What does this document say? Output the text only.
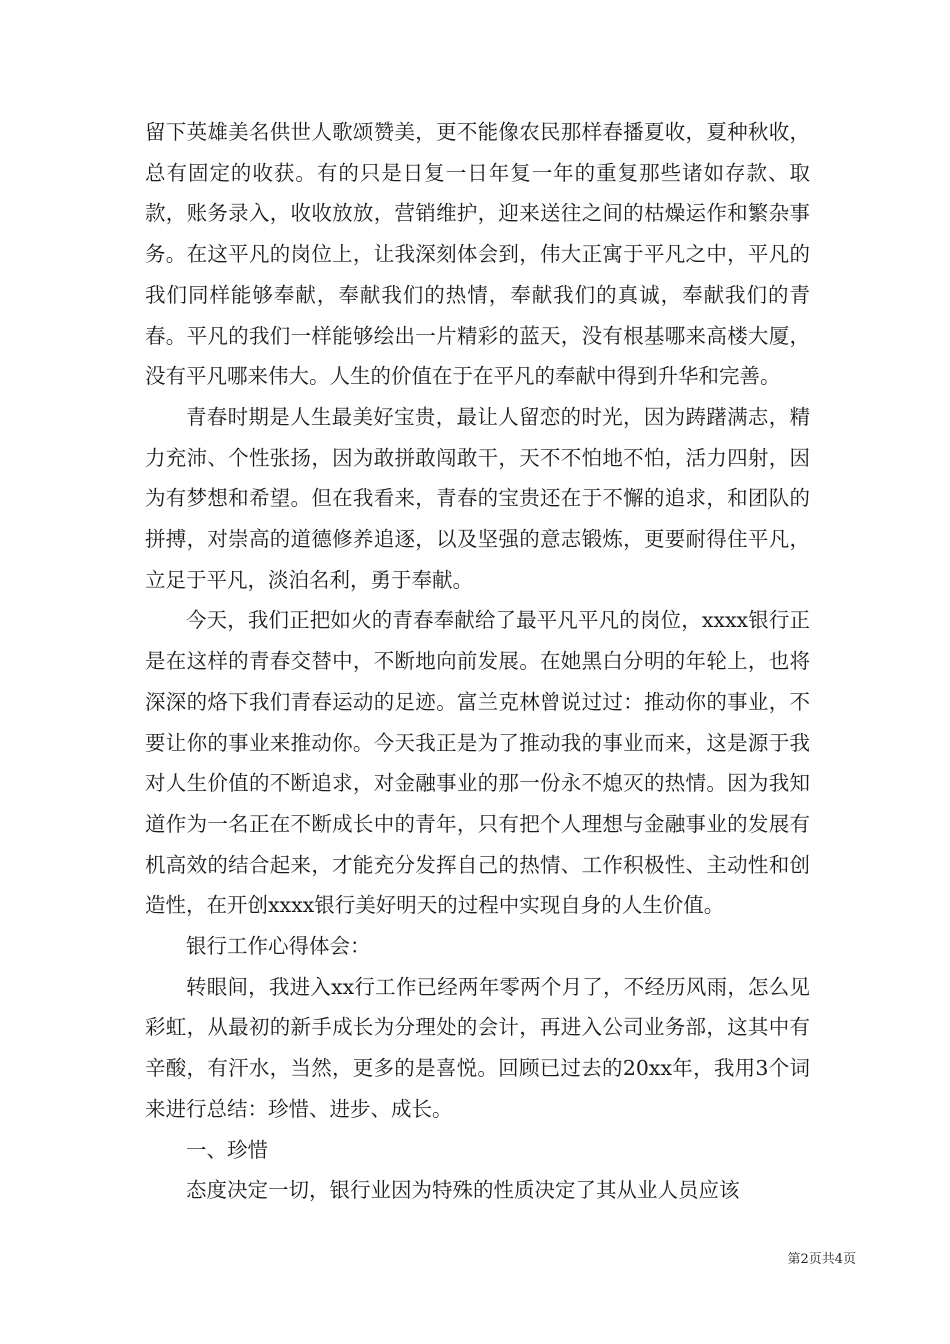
留下英雄美名供世人歌颂赞美，更不能像农民那样春播夏收，夏种秋收，总有固定的收获。有的只是日复一日年复一年的重复那些诸如存款、取款，账务录入，收收放放，营销维护，迎来送往之间的枯燥运作和繁杂事务。在这平凡的岗位上，让我深刻体会到，伟大正寓于平凡之中，平凡的我们同样能够奉献，奉献我们的热情，奉献我们的真诚，奉献我们的青春。平凡的我们一样能够绘出一片精彩的蓝天，没有根基哪来高楼大厦，没有平凡哪来伟大。人生的价值在于在平凡的奉献中得到升华和完善。

青春时期是人生最美好宝贵，最让人留恋的时光，因为踌躇满志，精力充沛、个性张扬，因为敢拼敢闯敢干，天不不怕地不怕，活力四射，因为有梦想和希望。但在我看来，青春的宝贵还在于不懈的追求，和团队的拼搏，对崇高的道德修养追逐，以及坚强的意志锻炼，更要耐得住平凡，立足于平凡，淡泊名利，勇于奉献。

今天，我们正把如火的青春奉献给了最平凡平凡的岗位，xxxx银行正是在这样的青春交替中，不断地向前发展。在她黑白分明的年轮上，也将深深的烙下我们青春运动的足迹。富兰克林曾说过过：推动你的事业，不要让你的事业来推动你。今天我正是为了推动我的事业而来，这是源于我对人生价值的不断追求，对金融事业的那一份永不熄灭的热情。因为我知道作为一名正在不断成长中的青年，只有把个人理想与金融事业的发展有机高效的结合起来，才能充分发挥自己的热情、工作积极性、主动性和创造性，在开创xxxx银行美好明天的过程中实现自身的人生价值。

银行工作心得体会：

转眼间，我进入xx行工作已经两年零两个月了，不经历风雨，怎么见彩虹，从最初的新手成长为分理处的会计，再进入公司业务部，这其中有辛酸，有汗水，当然，更多的是喜悦。回顾已过去的20xx年，我用3个词来进行总结：珍惜、进步、成长。

一、珍惜

态度决定一切，银行业因为特殊的性质决定了其从业人员应该

第2页共4页
